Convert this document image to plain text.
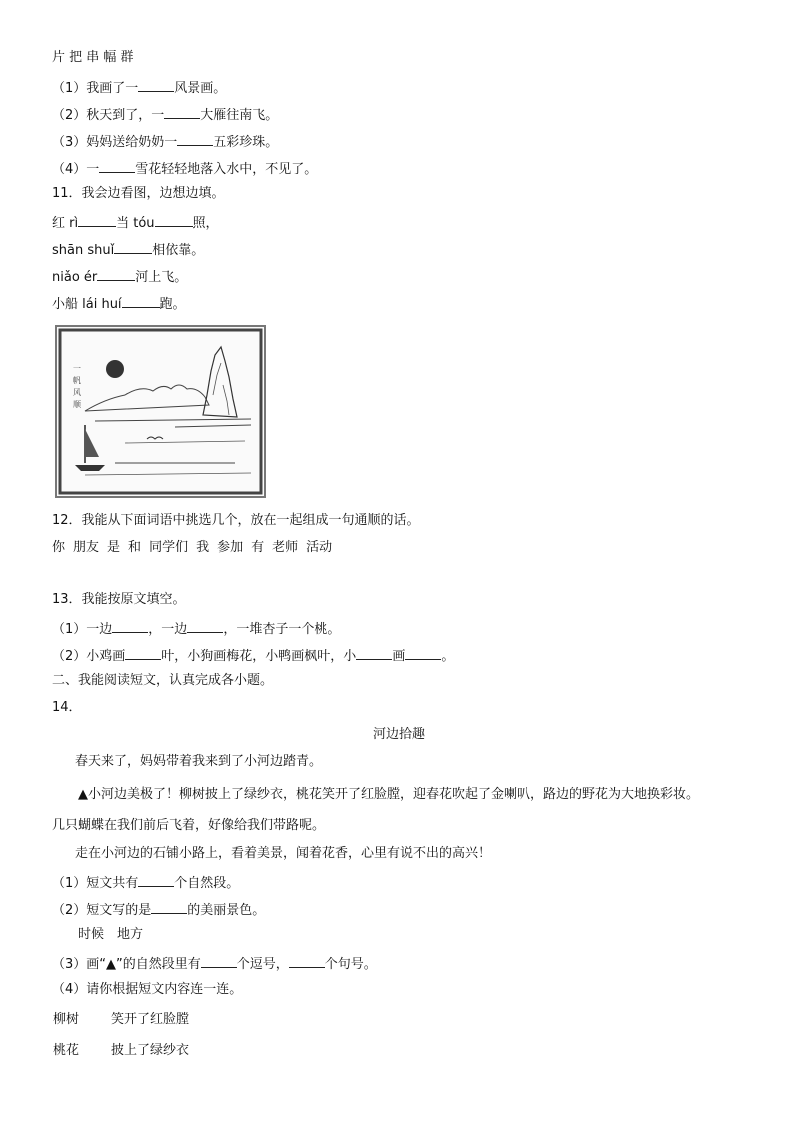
片 把 串 幅 群
（1）我画了一	风景画。
（2）秋天到了，一	大雁往南飞。
（3）妈妈送给奶奶一	五彩珍珠。
（4）一	雪花轻轻地落入水中，不见了。
11．我会边看图，边想边填。
红 rì	当 tóu	照，
shān shuǐ	相依靠。
niǎo ér	河上飞。
小船 lái huí	跑。
一
帆
风
顺
12．我能从下面词语中挑选几个，放在一起组成一句通顺的话。
你 朋友 是 和 同学们 我 参加 有 老师 活动
13．我能按原文填空。
（1）一边	，一边	，一堆杏子一个桃。
（2）小鸡画	叶，小狗画梅花，小鸭画枫叶，小	画	。
二、我能阅读短文，认真完成各小题。
14．
河边拾趣
春天来了，妈妈带着我来到了小河边踏青。
▲小河边美极了！柳树披上了绿纱衣，桃花笑开了红脸膛，迎春花吹起了金喇叭，路边的野花为大地换彩妆。
几只蝴蝶在我们前后飞着，好像给我们带路呢。
走在小河边的石铺小路上，看着美景，闻着花香，心里有说不出的高兴！
（1）短文共有	个自然段。
（2）短文写的是	的美丽景色。
时候 地方
（3）画“▲”的自然段里有	个逗号，	个句号。
（4）请你根据短文内容连一连。
柳树 笑开了红脸膛
桃花 披上了绿纱衣
